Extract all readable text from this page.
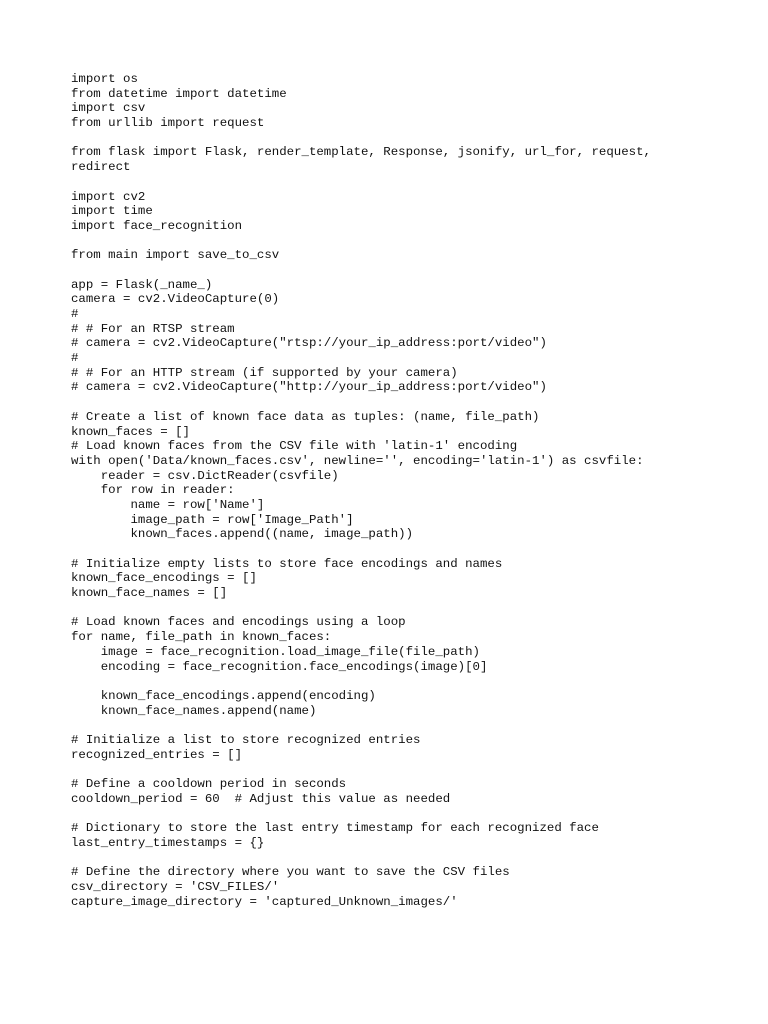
import os
from datetime import datetime
import csv
from urllib import request
from flask import Flask, render_template, Response, jsonify, url_for, request,
redirect
import cv2
import time
import face_recognition
from main import save_to_csv
app = Flask(_name_)
camera = cv2.VideoCapture(0)
#
# # For an RTSP stream
# camera = cv2.VideoCapture("rtsp://your_ip_address:port/video")
#
# # For an HTTP stream (if supported by your camera)
# camera = cv2.VideoCapture("http://your_ip_address:port/video")
# Create a list of known face data as tuples: (name, file_path)
known_faces = []
# Load known faces from the CSV file with 'latin-1' encoding
with open('Data/known_faces.csv', newline='', encoding='latin-1') as csvfile:
reader = csv.DictReader(csvfile)
for row in reader:
name = row['Name']
image_path = row['Image_Path']
known_faces.append((name, image_path))
# Initialize empty lists to store face encodings and names
known_face_encodings = []
known_face_names = []
# Load known faces and encodings using a loop
for name, file_path in known_faces:
image = face_recognition.load_image_file(file_path)
encoding = face_recognition.face_encodings(image)[0]
known_face_encodings.append(encoding)
known_face_names.append(name)
# Initialize a list to store recognized entries
recognized_entries = []
# Define a cooldown period in seconds
cooldown_period = 60  # Adjust this value as needed
# Dictionary to store the last entry timestamp for each recognized face
last_entry_timestamps = {}
# Define the directory where you want to save the CSV files
csv_directory = 'CSV_FILES/'
capture_image_directory = 'captured_Unknown_images/'
